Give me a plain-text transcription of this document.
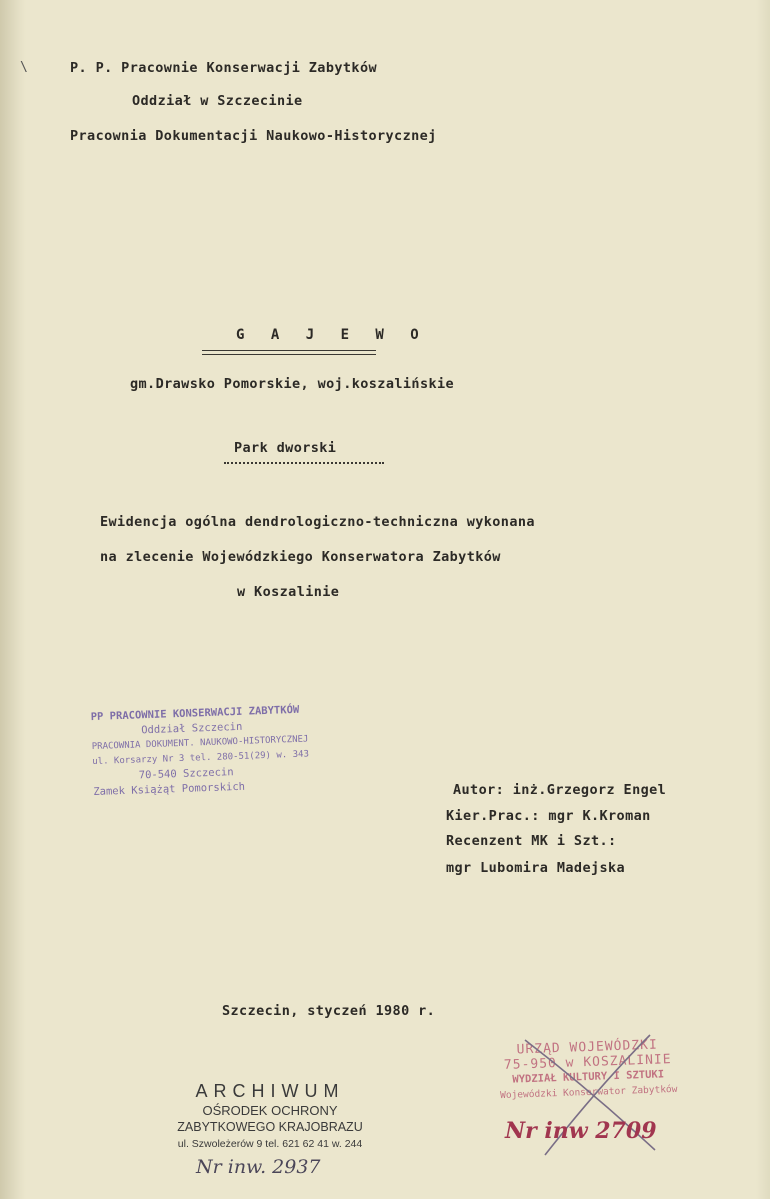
\	P. P. Pracownie Konserwacji Zabytków
Oddział w Szczecinie
Pracownia Dokumentacji Naukowo-Historycznej
G A J E W O
gm.Drawsko Pomorskie, woj.koszalińskie
Park dworski
Ewidencja ogólna dendrologiczno-techniczna wykonana
na zlecenie Wojewódzkiego Konserwatora Zabytków
w Koszalinie
PP PRACOWNIE KONSERWACJI ZABYTKÓW
Oddział Szczecin
PRACOWNIA DOKUMENT. NAUKOWO-HISTORYCZNEJ
ul. Korsarzy Nr 3 tel. 280-51(29) w. 343
70-540 Szczecin
Zamek Książąt Pomorskich	Autor: inż.Grzegorz Engel
Kier.Prac.: mgr K.Kroman
Recenzent MK i Szt.:
mgr Lubomira Madejska
Szczecin, styczeń 1980 r.
ARCHIWUM
OŚRODEK OCHRONY
ZABYTKOWEGO KRAJOBRAZU
ul. Szwoleżerów 9 tel. 621 62 41 w. 244
Nr inw. 2937
URZĄD WOJEWÓDZKI
75-950 w KOSZALINIE
WYDZIAŁ KULTURY I SZTUKI
Wojewódzki Konserwator Zabytków
Nr inw 2709
